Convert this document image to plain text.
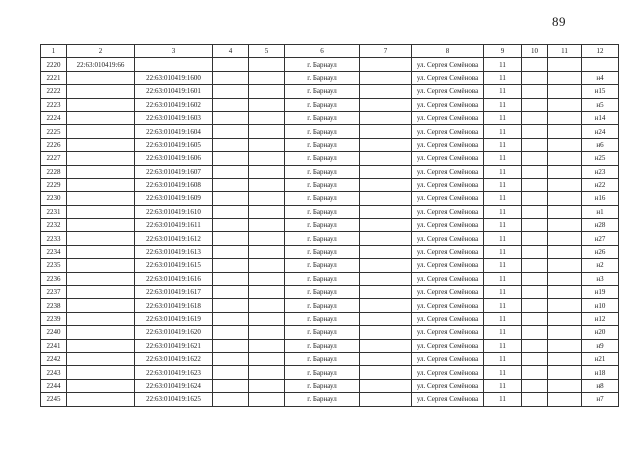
89
1	2	3	4	5	6	7	8	9	10	11	12
2220	22:63:010419:66				г. Барнаул		ул. Сергея Семёнова	11			
2221		22:63:010419:1600			г. Барнаул		ул. Сергея Семёнова	11			н4
2222		22:63:010419:1601			г. Барнаул		ул. Сергея Семёнова	11			н15
2223		22:63:010419:1602			г. Барнаул		ул. Сергея Семёнова	11			н5
2224		22:63:010419:1603			г. Барнаул		ул. Сергея Семёнова	11			н14
2225		22:63:010419:1604			г. Барнаул		ул. Сергея Семёнова	11			н24
2226		22:63:010419:1605			г. Барнаул		ул. Сергея Семёнова	11			н6
2227		22:63:010419:1606			г. Барнаул		ул. Сергея Семёнова	11			н25
2228		22:63:010419:1607			г. Барнаул		ул. Сергея Семёнова	11			н23
2229		22:63:010419:1608			г. Барнаул		ул. Сергея Семёнова	11			н22
2230		22:63:010419:1609			г. Барнаул		ул. Сергея Семёнова	11			н16
2231		22:63:010419:1610			г. Барнаул		ул. Сергея Семёнова	11			н1
2232		22:63:010419:1611			г. Барнаул		ул. Сергея Семёнова	11			н28
2233		22:63:010419:1612			г. Барнаул		ул. Сергея Семёнова	11			н27
2234		22:63:010419:1613			г. Барнаул		ул. Сергея Семёнова	11			н26
2235		22:63:010419:1615			г. Барнаул		ул. Сергея Семёнова	11			н2
2236		22:63:010419:1616			г. Барнаул		ул. Сергея Семёнова	11			н3
2237		22:63:010419:1617			г. Барнаул		ул. Сергея Семёнова	11			н19
2238		22:63:010419:1618			г. Барнаул		ул. Сергея Семёнова	11			н10
2239		22:63:010419:1619			г. Барнаул		ул. Сергея Семёнова	11			н12
2240		22:63:010419:1620			г. Барнаул		ул. Сергея Семёнова	11			н20
2241		22:63:010419:1621			г. Барнаул		ул. Сергея Семёнова	11			н9
2242		22:63:010419:1622			г. Барнаул		ул. Сергея Семёнова	11			н21
2243		22:63:010419:1623			г. Барнаул		ул. Сергея Семёнова	11			н18
2244		22:63:010419:1624			г. Барнаул		ул. Сергея Семёнова	11			н8
2245		22:63:010419:1625			г. Барнаул		ул. Сергея Семёнова	11			н7
